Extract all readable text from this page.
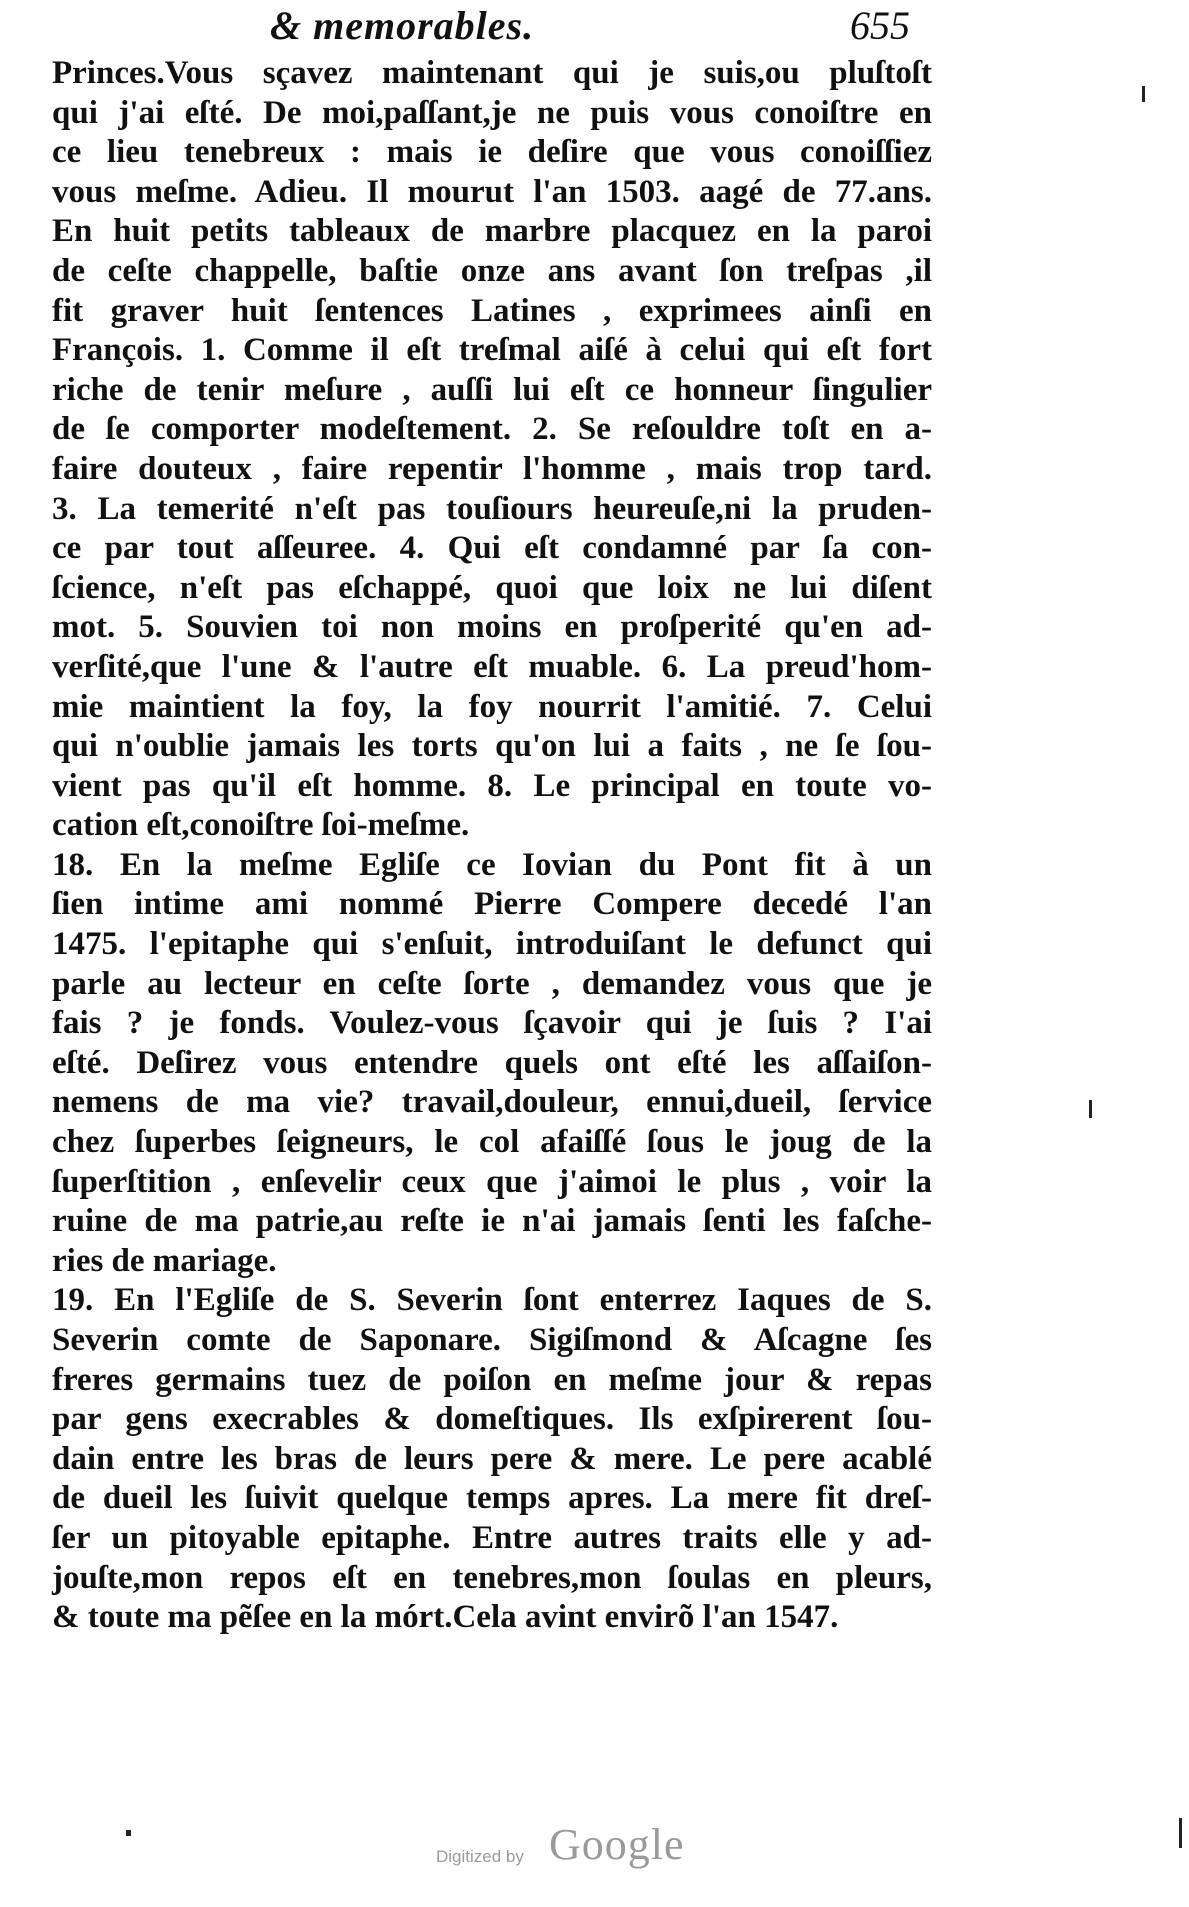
& memorables.	655
Princes.Vous sçavez maintenant qui je suis,ou pluſtoſt
qui j'ai eſté. De moi,paſſant,je ne puis vous conoiſtre en
ce lieu tenebreux : mais ie deſire que vous conoiſſiez
vous meſme. Adieu. Il mourut l'an 1503. aagé de 77.ans.
En huit petits tableaux de marbre placquez en la paroi
de ceſte chappelle, baſtie onze ans avant ſon treſpas ,il
fit graver huit ſentences Latines , exprimees ainſi en
François. 1. Comme il eſt treſmal aiſé à celui qui eſt fort
riche de tenir meſure , auſſi lui eſt ce honneur ſingulier
de ſe comporter modeſtement. 2. Se reſouldre toſt en a-
faire douteux , faire repentir l'homme , mais trop tard.
3. La temerité n'eſt pas touſiours heureuſe,ni la pruden-
ce par tout aſſeuree. 4. Qui eſt condamné par ſa con-
ſcience, n'eſt pas eſchappé, quoi que loix ne lui diſent
mot. 5. Souvien toi non moins en proſperité qu'en ad-
verſité,que l'une & l'autre eſt muable. 6. La preud'hom-
mie maintient la foy, la foy nourrit l'amitié. 7. Celui
qui n'oublie jamais les torts qu'on lui a faits , ne ſe ſou-
vient pas qu'il eſt homme. 8. Le principal en toute vo-
cation eſt,conoiſtre ſoi-meſme.
18. En la meſme Egliſe ce Iovian du Pont fit à un
ſien intime ami nommé Pierre Compere decedé l'an
1475. l'epitaphe qui s'enſuit, introduiſant le defunct qui
parle au lecteur en ceſte ſorte , demandez vous que je
fais ? je fonds. Voulez-vous ſçavoir qui je ſuis ? I'ai
eſté. Deſirez vous entendre quels ont eſté les aſſaiſon-
nemens de ma vie? travail,douleur, ennui,dueil, ſervice
chez ſuperbes ſeigneurs, le col afaiſſé ſous le joug de la
ſuperſtition , enſevelir ceux que j'aimoi le plus , voir la
ruine de ma patrie,au reſte ie n'ai jamais ſenti les faſche-
ries de mariage.
19. En l'Egliſe de S. Severin ſont enterrez Iaques de S.
Severin comte de Saponare. Sigiſmond & Aſcagne ſes
freres germains tuez de poiſon en meſme jour & repas
par gens execrables & domeſtiques. Ils exſpirerent ſou-
dain entre les bras de leurs pere & mere. Le pere acablé
de dueil les ſuivit quelque temps apres. La mere fit dreſ-
ſer un pitoyable epitaphe. Entre autres traits elle y ad-
jouſte,mon repos eſt en tenebres,mon ſoulas en pleurs,
& toute ma pẽſee en la mórt.Cela avint envirõ l'an 1547.
Digitized by Google
